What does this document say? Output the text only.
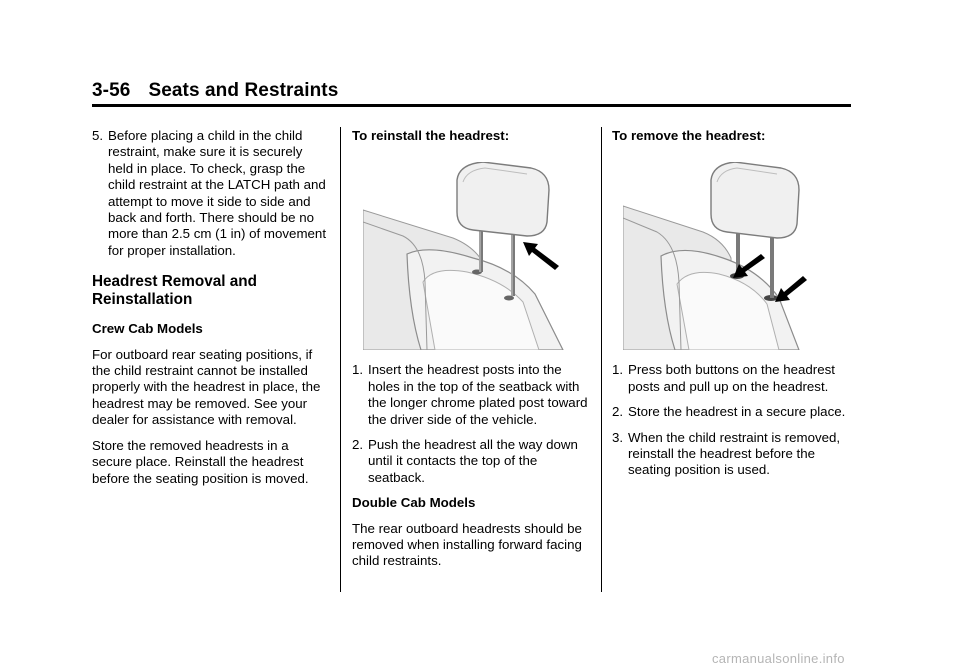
3-56 Seats and Restraints
5. Before placing a child in the child restraint, make sure it is securely held in place. To check, grasp the child restraint at the LATCH path and attempt to move it side to side and back and forth. There should be no more than 2.5 cm (1 in) of movement for proper installation.
Headrest Removal and Reinstallation

Crew Cab Models

For outboard rear seating positions, if the child restraint cannot be installed properly with the headrest in place, the headrest may be removed. See your dealer for assistance with removal.

Store the removed headrests in a secure place. Reinstall the headrest before the seating position is moved.

To reinstall the headrest:

1. Insert the headrest posts into the holes in the top of the seatback with the longer chrome plated post toward the driver side of the vehicle.
2. Push the headrest all the way down until it contacts the top of the seatback.

Double Cab Models

The rear outboard headrests should be removed when installing forward facing child restraints.

To remove the headrest:

1. Press both buttons on the headrest posts and pull up on the headrest.
2. Store the headrest in a secure place.
3. When the child restraint is removed, reinstall the headrest before the seating position is used.
carmanualsonline.info
